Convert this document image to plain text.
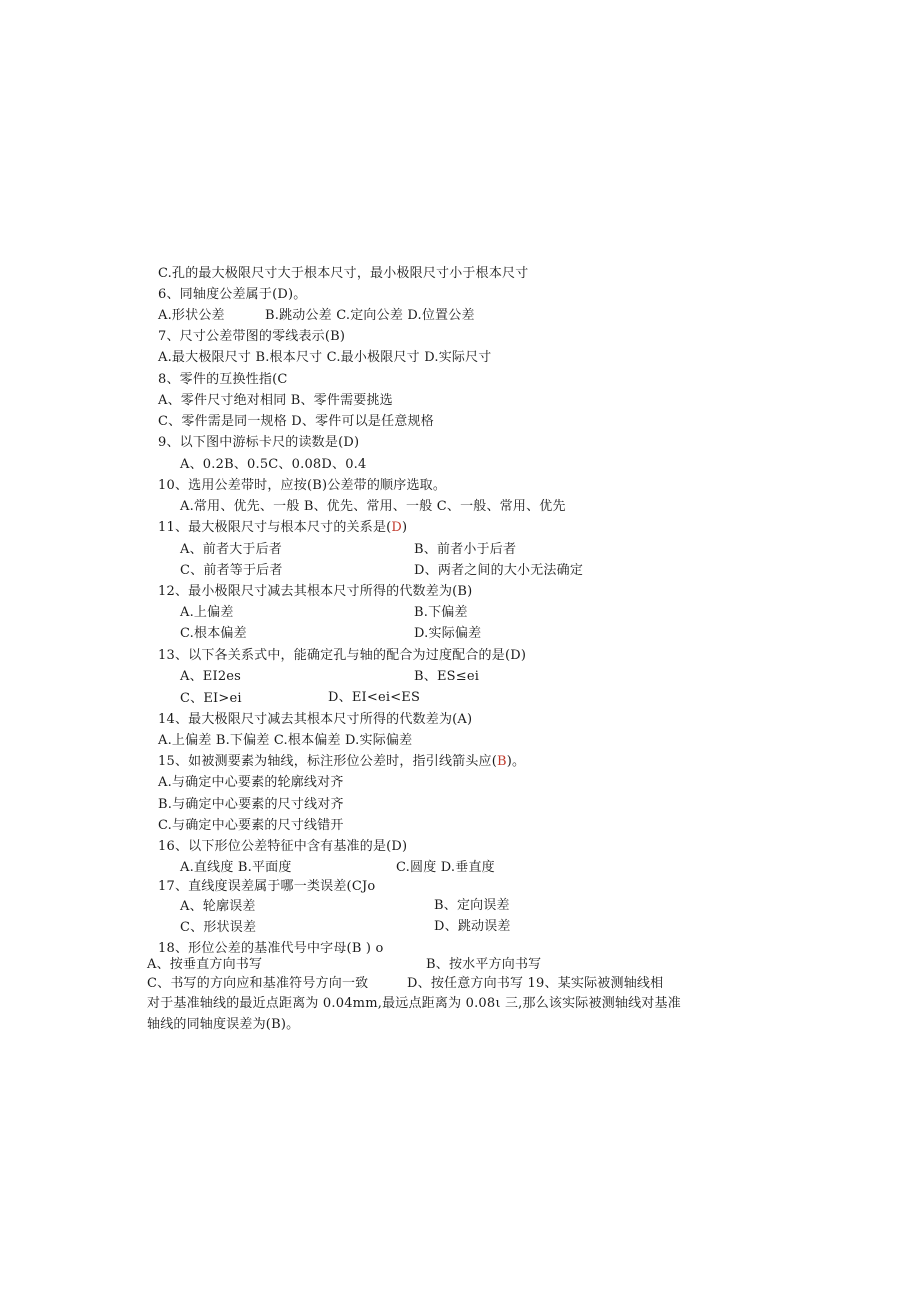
C.孔的最大极限尺寸大于根本尺寸，最小极限尺寸小于根本尺寸
6、同轴度公差属于(D)。
A.形状公差	B.跳动公差 C.定向公差 D.位置公差
7、尺寸公差带图的零线表示(B)
A.最大极限尺寸 B.根本尺寸 C.最小极限尺寸 D.实际尺寸
8、零件的互换性指(C
A、零件尺寸绝对相同 B、零件需要挑选
C、零件需是同一规格 D、零件可以是任意规格
9、以下图中游标卡尺的读数是(D)
A、0.2B、0.5C、0.08D、0.4
10、选用公差带时，应按(B)公差带的顺序选取。
A.常用、优先、一般 B、优先、常用、一般 C、一般、常用、优先
11、最大极限尺寸与根本尺寸的关系是(D)
A、前者大于后者	B、前者小于后者
C、前者等于后者	D、两者之间的大小无法确定
12、最小极限尺寸减去其根本尺寸所得的代数差为(B)
A.上偏差	B.下偏差
C.根本偏差	D.实际偏差
13、以下各关系式中，能确定孔与轴的配合为过度配合的是(D)
A、EI2es	B、ES≤ei
C、EI>ei	D、EI<ei<ES
14、最大极限尺寸减去其根本尺寸所得的代数差为(A)
A.上偏差 B.下偏差 C.根本偏差 D.实际偏差
15、如被测要素为轴线，标注形位公差时，指引线箭头应(B)。
A.与确定中心要素的轮廓线对齐
B.与确定中心要素的尺寸线对齐
C.与确定中心要素的尺寸线错开
16、以下形位公差特征中含有基准的是(D)
A.直线度 B.平面度	C.圆度 D.垂直度
17、直线度误差属于哪一类误差(CJo
A、轮廓误差	B、定向误差
C、形状误差	D、跳动误差
18、形位公差的基准代号中字母(B ) o
A、按垂直方向书写	B、按水平方向书写
C、书写的方向应和基准符号方向一致	D、按任意方向书写 19、某实际被测轴线相
对于基准轴线的最近点距离为 0.04mm,最远点距离为 0.08ι 三,那么该实际被测轴线对基准
轴线的同轴度误差为(B)。
